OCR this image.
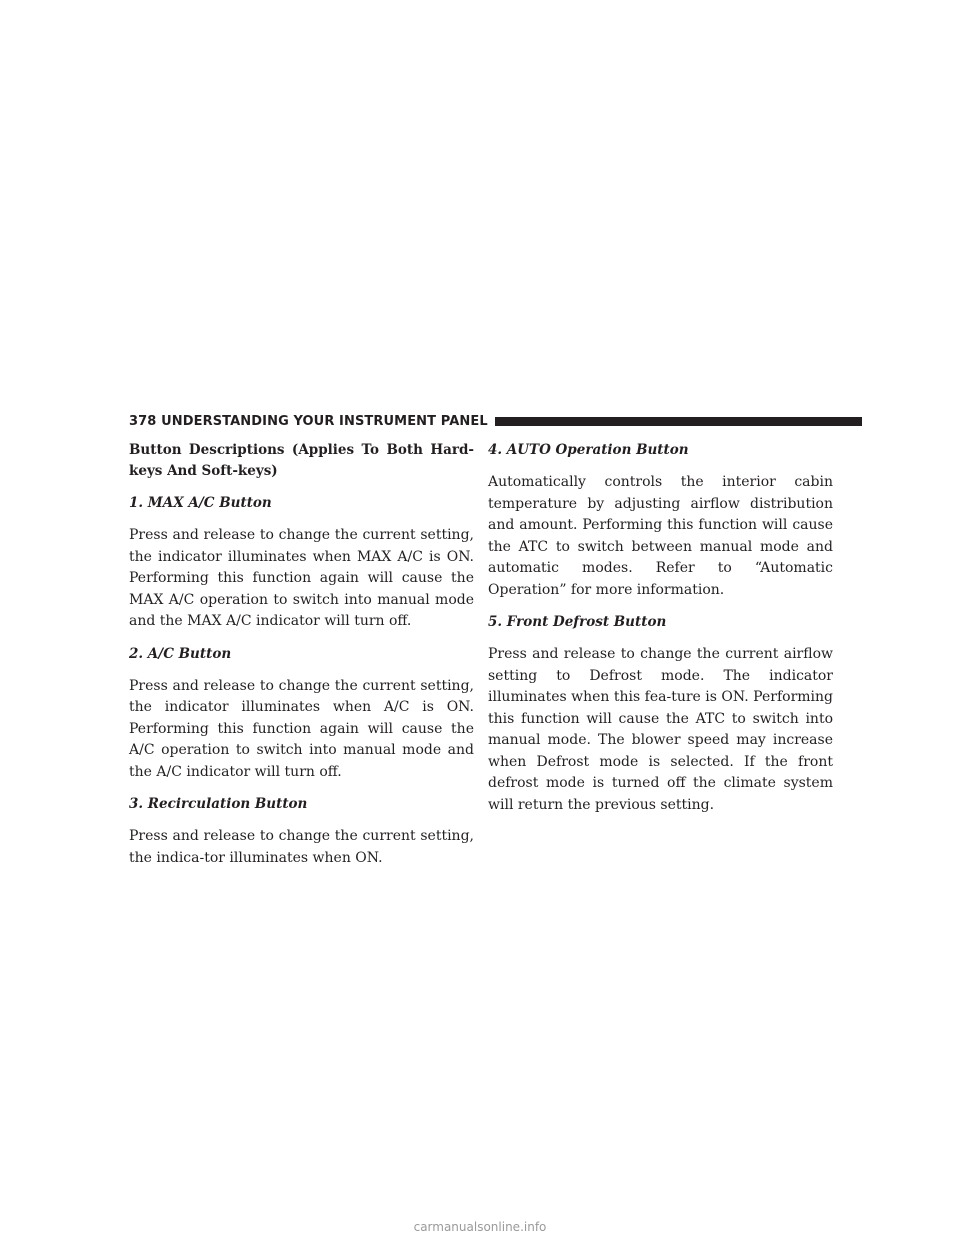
378 UNDERSTANDING YOUR INSTRUMENT PANEL

Button Descriptions (Applies To Both Hard-keys And Soft-keys)

1. MAX A/C Button

Press and release to change the current setting, the indicator illuminates when MAX A/C is ON. Performing this function again will cause the MAX A/C operation to switch into manual mode and the MAX A/C indicator will turn off.

2. A/C Button

Press and release to change the current setting, the indicator illuminates when A/C is ON. Performing this function again will cause the A/C operation to switch into manual mode and the A/C indicator will turn off.

3. Recirculation Button

Press and release to change the current setting, the indica-tor illuminates when ON.

4. AUTO Operation Button

Automatically controls the interior cabin temperature by adjusting airflow distribution and amount. Performing this function will cause the ATC to switch between manual mode and automatic modes. Refer to “Automatic Operation” for more information.

5. Front Defrost Button

Press and release to change the current airflow setting to Defrost mode. The indicator illuminates when this fea-ture is ON. Performing this function will cause the ATC to switch into manual mode. The blower speed may increase when Defrost mode is selected. If the front defrost mode is turned off the climate system will return the previous setting.

carmanualsonline.info
